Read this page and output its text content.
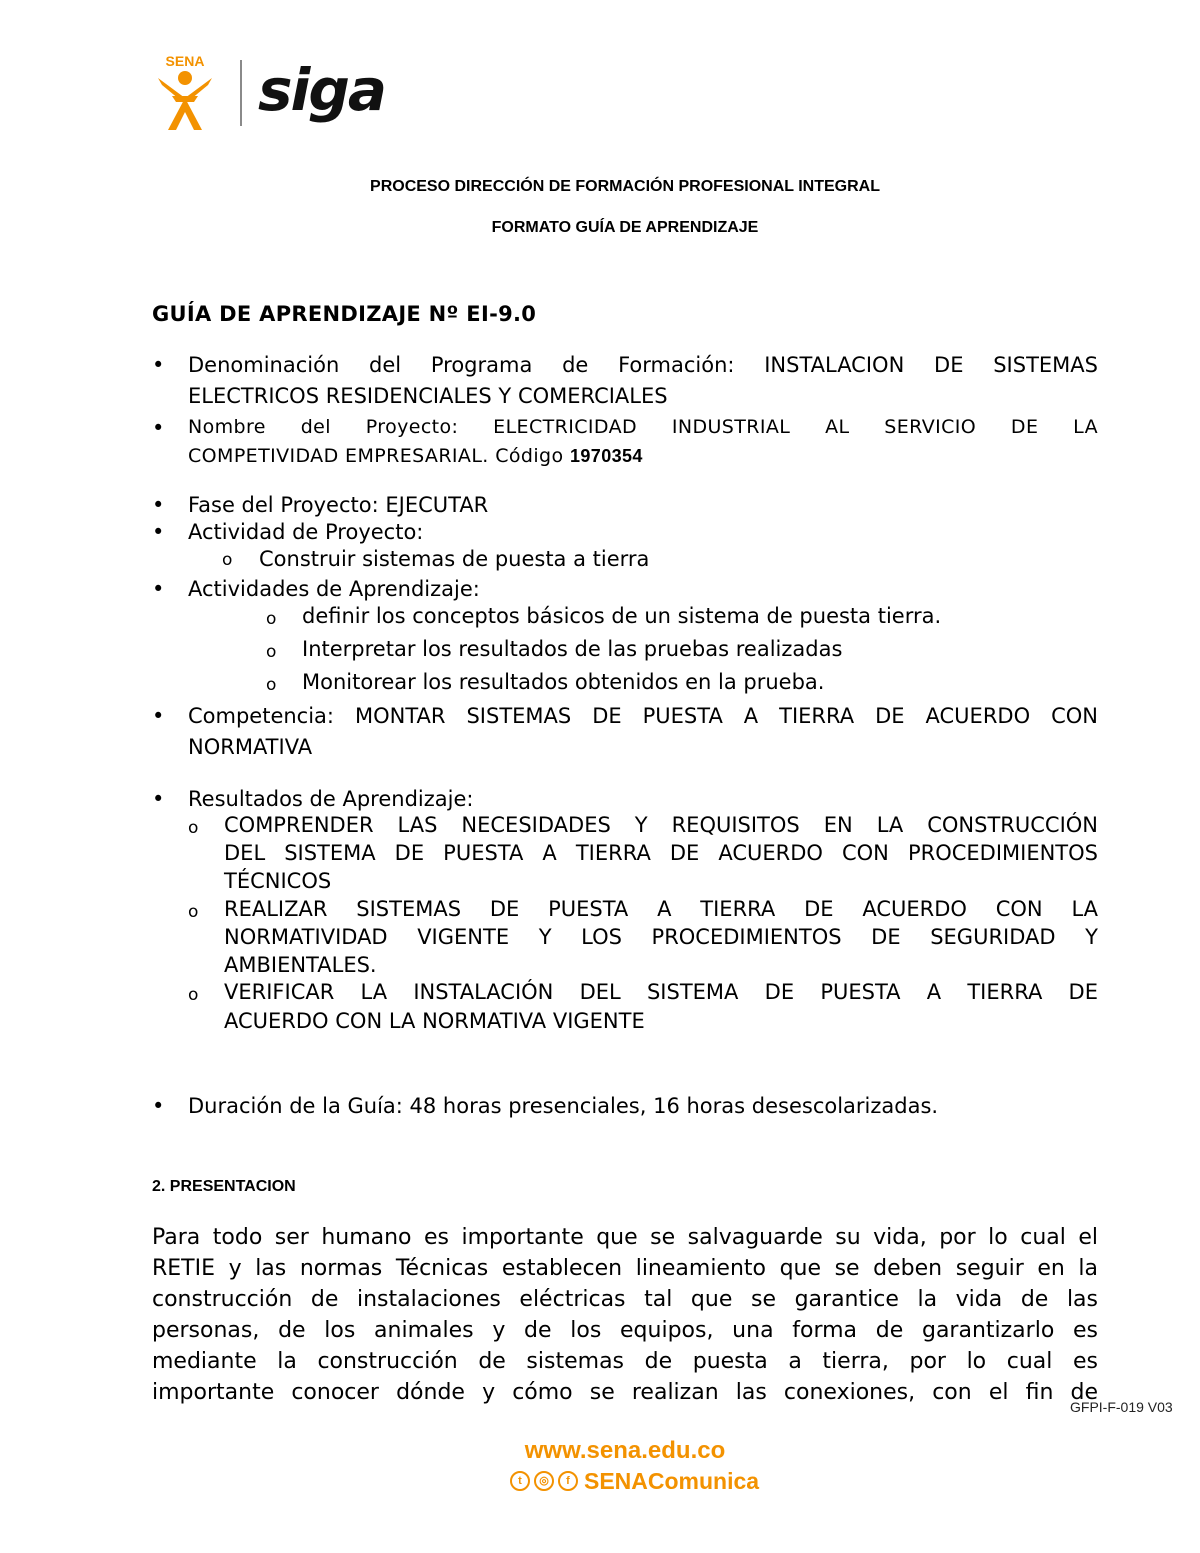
SENA siga
PROCESO DIRECCIÓN DE FORMACIÓN PROFESIONAL INTEGRAL
FORMATO GUÍA DE APRENDIZAJE
GUÍA DE APRENDIZAJE Nº EI-9.0
• Denominación del Programa de Formación: INSTALACION DE SISTEMAS
ELECTRICOS RESIDENCIALES Y COMERCIALES
• Nombre del Proyecto: ELECTRICIDAD INDUSTRIAL AL SERVICIO DE LA
COMPETIVIDAD EMPRESARIAL. Código 1970354
• Fase del Proyecto: EJECUTAR
• Actividad de Proyecto:
o Construir sistemas de puesta a tierra
• Actividades de Aprendizaje:
o definir los conceptos básicos de un sistema de puesta tierra.
o Interpretar los resultados de las pruebas realizadas
o Monitorear los resultados obtenidos en la prueba.
• Competencia: MONTAR SISTEMAS DE PUESTA A TIERRA DE ACUERDO CON
NORMATIVA
• Resultados de Aprendizaje:
o COMPRENDER LAS NECESIDADES Y REQUISITOS EN LA CONSTRUCCIÓN
DEL SISTEMA DE PUESTA A TIERRA DE ACUERDO CON PROCEDIMIENTOS
TÉCNICOS
o REALIZAR SISTEMAS DE PUESTA A TIERRA DE ACUERDO CON LA
NORMATIVIDAD VIGENTE Y LOS PROCEDIMIENTOS DE SEGURIDAD Y
AMBIENTALES.
o VERIFICAR LA INSTALACIÓN DEL SISTEMA DE PUESTA A TIERRA DE
ACUERDO CON LA NORMATIVA VIGENTE
• Duración de la Guía: 48 horas presenciales, 16 horas desescolarizadas.
2. PRESENTACION
Para todo ser humano es importante que se salvaguarde su vida, por lo cual el
RETIE y las normas Técnicas establecen lineamiento que se deben seguir en la
construcción de instalaciones eléctricas tal que se garantice la vida de las
personas, de los animales y de los equipos, una forma de garantizarlo es
mediante la construcción de sistemas de puesta a tierra, por lo cual es
importante conocer dónde y cómo se realizan las conexiones, con el fin de
GFPI-F-019 V03
www.sena.edu.co
t	◎	f SENAComunica
